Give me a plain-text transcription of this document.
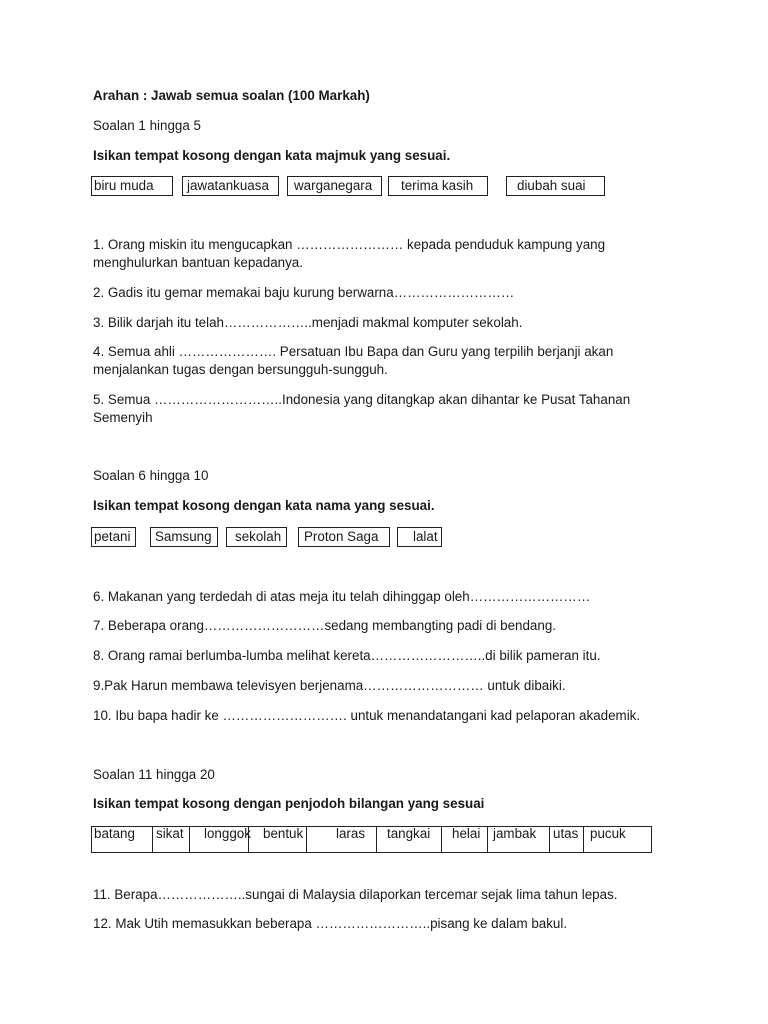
Arahan : Jawab semua soalan (100 Markah)
Soalan 1 hingga 5
Isikan tempat kosong dengan kata majmuk yang sesuai.
biru muda	jawatankuasa	warganegara	terima kasih	diubah suai
1. Orang miskin itu mengucapkan …………………… kepada penduduk kampung yang menghulurkan bantuan kepadanya.
2. Gadis itu gemar memakai baju kurung berwarna………………………
3. Bilik darjah itu telah………………..menjadi makmal komputer sekolah.
4. Semua ahli …………………. Persatuan Ibu Bapa dan Guru yang terpilih berjanji akan menjalankan tugas dengan bersungguh-sungguh.
5. Semua ………………………..Indonesia yang ditangkap akan dihantar ke Pusat Tahanan Semenyih
Soalan 6 hingga 10
Isikan tempat kosong dengan kata nama yang sesuai.
petani	Samsung	sekolah	Proton Saga	lalat
6. Makanan yang terdedah di atas meja itu telah dihinggap oleh………………………
7. Beberapa orang………………………sedang membangting padi di bendang.
8. Orang ramai berlumba-lumba melihat kereta……………………..di bilik pameran itu.
9.Pak Harun membawa televisyen berjenama……………………… untuk dibaiki.
10. Ibu bapa hadir ke ………………………. untuk menandatangani kad pelaporan akademik.
Soalan 11 hingga 20
Isikan tempat kosong dengan penjodoh bilangan yang sesuai
batang	sikat	longgok bentuk	laras	tangkai	helai jambak	utas pucuk
11. Berapa………………..sungai di Malaysia dilaporkan tercemar sejak lima tahun lepas.
12. Mak Utih memasukkan beberapa ……………………..pisang ke dalam bakul.
